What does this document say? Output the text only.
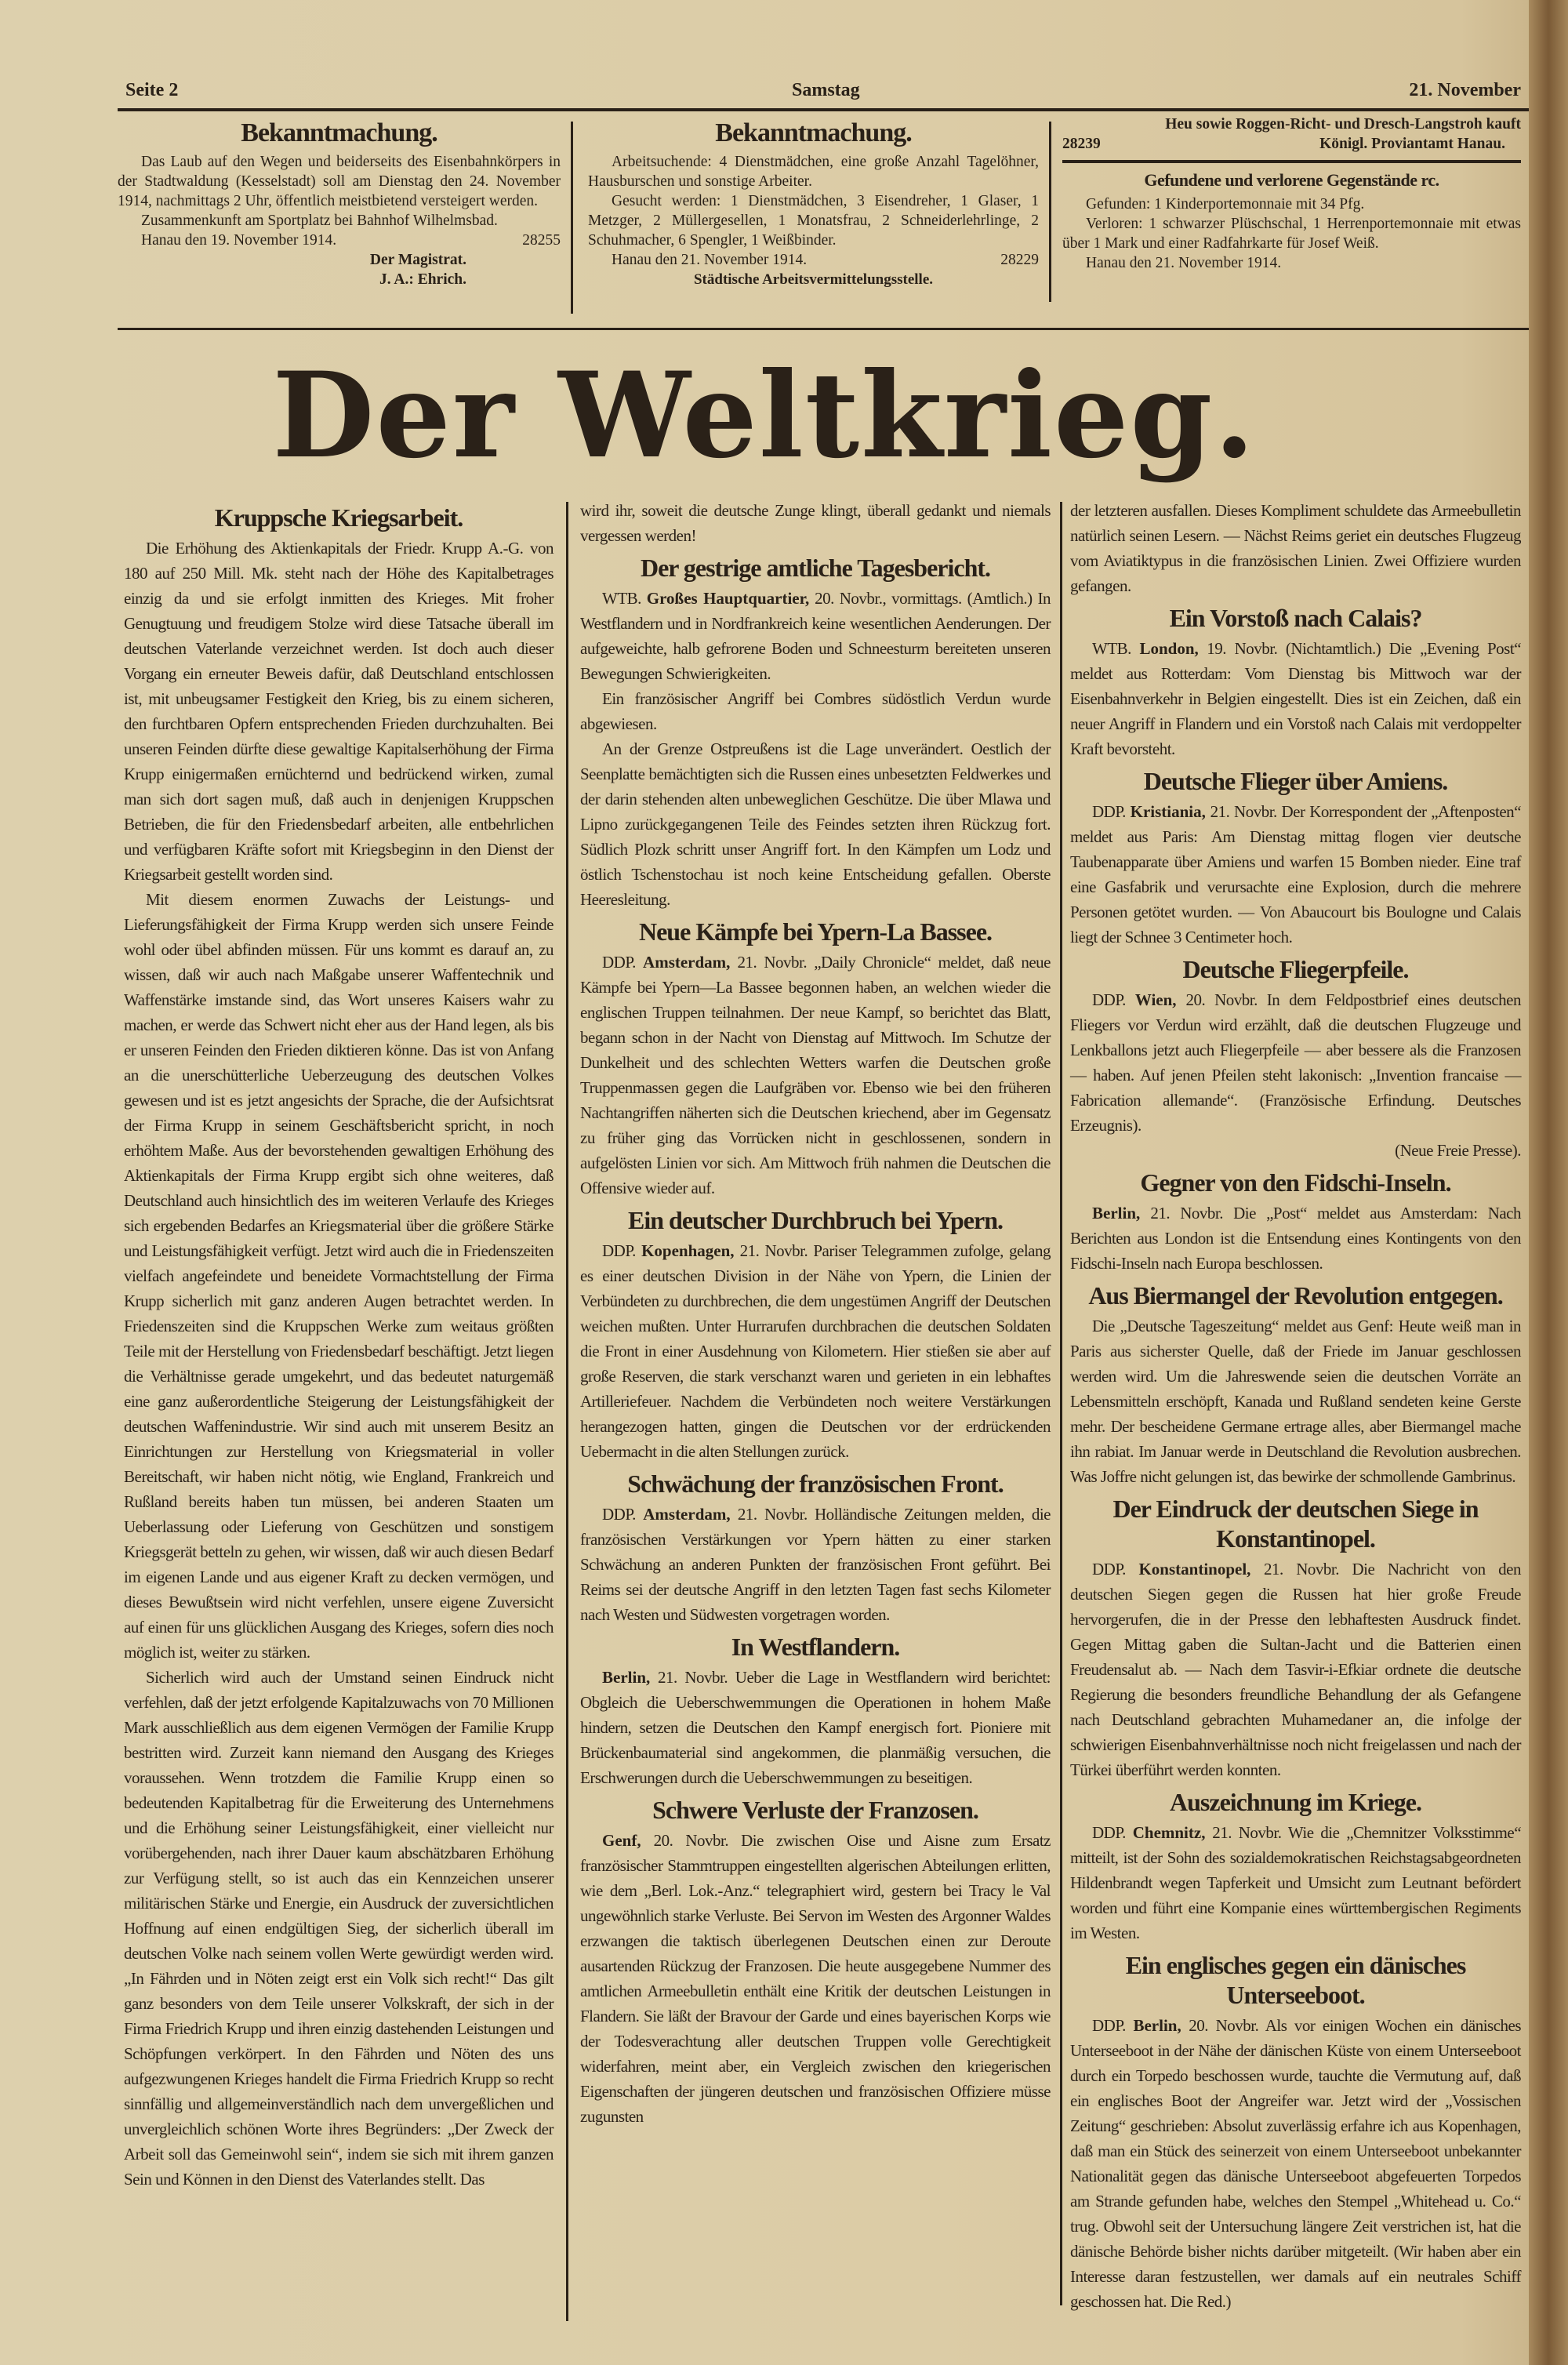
Seite 2	Samstag	21. November
Bekanntmachung.

Das Laub auf den Wegen und beiderseits des Eisenbahnkörpers in der Stadtwaldung (Kesselstadt) soll am Dienstag den 24. November 1914, nachmittags 2 Uhr, öffentlich meistbietend versteigert werden.

Zusammenkunft am Sportplatz bei Bahnhof Wilhelmsbad.

Hanau den 19. November 1914.	28255
Der Magistrat.
J. A.: Ehrich.
Bekanntmachung.

Arbeitsuchende: 4 Dienstmädchen, eine große Anzahl Tagelöhner, Hausburschen und sonstige Arbeiter.

Gesucht werden: 1 Dienstmädchen, 3 Eisendreher, 1 Glaser, 1 Metzger, 2 Müllergesellen, 1 Monatsfrau, 2 Schneiderlehrlinge, 2 Schuhmacher, 6 Spengler, 1 Weißbinder.

Hanau den 21. November 1914.	28229
Städtische Arbeitsvermittelungsstelle.
Heu sowie Roggen-Richt- und Dresch-Langstroh kauft
28239	Königl. Proviantamt Hanau.
Gefundene und verlorene Gegenstände rc.

Gefunden: 1 Kinderportemonnaie mit 34 Pfg.

Verloren: 1 schwarzer Plüschschal, 1 Herrenportemonnaie mit etwas über 1 Mark und einer Radfahrkarte für Josef Weiß.

Hanau den 21. November 1914.

Der Weltkrieg.
Kruppsche Kriegsarbeit.

Die Erhöhung des Aktienkapitals der Friedr. Krupp A.-G. von 180 auf 250 Mill. Mk. steht nach der Höhe des Kapitalbetrages einzig da und sie erfolgt inmitten des Krieges. Mit froher Genugtuung und freudigem Stolze wird diese Tatsache überall im deutschen Vaterlande verzeichnet werden. Ist doch auch dieser Vorgang ein erneuter Beweis dafür, daß Deutschland entschlossen ist, mit unbeugsamer Festigkeit den Krieg, bis zu einem sicheren, den furchtbaren Opfern entsprechenden Frieden durchzuhalten. Bei unseren Feinden dürfte diese gewaltige Kapitalserhöhung der Firma Krupp einigermaßen ernüchternd und bedrückend wirken, zumal man sich dort sagen muß, daß auch in denjenigen Kruppschen Betrieben, die für den Friedensbedarf arbeiten, alle entbehrlichen und verfügbaren Kräfte sofort mit Kriegsbeginn in den Dienst der Kriegsarbeit gestellt worden sind.

Mit diesem enormen Zuwachs der Leistungs- und Lieferungsfähigkeit der Firma Krupp werden sich unsere Feinde wohl oder übel abfinden müssen. Für uns kommt es darauf an, zu wissen, daß wir auch nach Maßgabe unserer Waffentechnik und Waffenstärke imstande sind, das Wort unseres Kaisers wahr zu machen, er werde das Schwert nicht eher aus der Hand legen, als bis er unseren Feinden den Frieden diktieren könne. Das ist von Anfang an die unerschütterliche Ueberzeugung des deutschen Volkes gewesen und ist es jetzt angesichts der Sprache, die der Aufsichtsrat der Firma Krupp in seinem Geschäftsbericht spricht, in noch erhöhtem Maße. Aus der bevorstehenden gewaltigen Erhöhung des Aktienkapitals der Firma Krupp ergibt sich ohne weiteres, daß Deutschland auch hinsichtlich des im weiteren Verlaufe des Krieges sich ergebenden Bedarfes an Kriegsmaterial über die größere Stärke und Leistungsfähigkeit verfügt. Jetzt wird auch die in Friedenszeiten vielfach angefeindete und beneidete Vormachtstellung der Firma Krupp sicherlich mit ganz anderen Augen betrachtet werden. In Friedenszeiten sind die Kruppschen Werke zum weitaus größten Teile mit der Herstellung von Friedensbedarf beschäftigt. Jetzt liegen die Verhältnisse gerade umgekehrt, und das bedeutet naturgemäß eine ganz außerordentliche Steigerung der Leistungsfähigkeit der deutschen Waffenindustrie. Wir sind auch mit unserem Besitz an Einrichtungen zur Herstellung von Kriegsmaterial in voller Bereitschaft, wir haben nicht nötig, wie England, Frankreich und Rußland bereits haben tun müssen, bei anderen Staaten um Ueberlassung oder Lieferung von Geschützen und sonstigem Kriegsgerät betteln zu gehen, wir wissen, daß wir auch diesen Bedarf im eigenen Lande und aus eigener Kraft zu decken vermögen, und dieses Bewußtsein wird nicht verfehlen, unsere eigene Zuversicht auf einen für uns glücklichen Ausgang des Krieges, sofern dies noch möglich ist, weiter zu stärken.

Sicherlich wird auch der Umstand seinen Eindruck nicht verfehlen, daß der jetzt erfolgende Kapitalzuwachs von 70 Millionen Mark ausschließlich aus dem eigenen Vermögen der Familie Krupp bestritten wird. Zurzeit kann niemand den Ausgang des Krieges voraussehen. Wenn trotzdem die Familie Krupp einen so bedeutenden Kapitalbetrag für die Erweiterung des Unternehmens und die Erhöhung seiner Leistungsfähigkeit, einer vielleicht nur vorübergehenden, nach ihrer Dauer kaum abschätzbaren Erhöhung zur Verfügung stellt, so ist auch das ein Kennzeichen unserer militärischen Stärke und Energie, ein Ausdruck der zuversichtlichen Hoffnung auf einen endgültigen Sieg, der sicherlich überall im deutschen Volke nach seinem vollen Werte gewürdigt werden wird. „In Fährden und in Nöten zeigt erst ein Volk sich recht!“ Das gilt ganz besonders von dem Teile unserer Volkskraft, der sich in der Firma Friedrich Krupp und ihren einzig dastehenden Leistungen und Schöpfungen verkörpert. In den Fährden und Nöten des uns aufgezwungenen Krieges handelt die Firma Friedrich Krupp so recht sinnfällig und allgemeinverständlich nach dem unvergeßlichen und unvergleichlich schönen Worte ihres Begründers: „Der Zweck der Arbeit soll das Gemeinwohl sein“, indem sie sich mit ihrem ganzen Sein und Können in den Dienst des Vaterlandes stellt. Das

wird ihr, soweit die deutsche Zunge klingt, überall gedankt und niemals vergessen werden!

Der gestrige amtliche Tagesbericht.

WTB. Großes Hauptquartier, 20. Novbr., vormittags. (Amtlich.) In Westflandern und in Nordfrankreich keine wesentlichen Aenderungen. Der aufgeweichte, halb gefrorene Boden und Schneesturm bereiteten unseren Bewegungen Schwierigkeiten.

Ein französischer Angriff bei Combres südöstlich Verdun wurde abgewiesen.

An der Grenze Ostpreußens ist die Lage unverändert. Oestlich der Seenplatte bemächtigten sich die Russen eines unbesetzten Feldwerkes und der darin stehenden alten unbeweglichen Geschütze. Die über Mlawa und Lipno zurückgegangenen Teile des Feindes setzten ihren Rückzug fort. Südlich Plozk schritt unser Angriff fort. In den Kämpfen um Lodz und östlich Tschenstochau ist noch keine Entscheidung gefallen. Oberste Heeresleitung.

Neue Kämpfe bei Ypern-La Bassee.

DDP. Amsterdam, 21. Novbr. „Daily Chronicle“ meldet, daß neue Kämpfe bei Ypern—La Bassee begonnen haben, an welchen wieder die englischen Truppen teilnahmen. Der neue Kampf, so berichtet das Blatt, begann schon in der Nacht von Dienstag auf Mittwoch. Im Schutze der Dunkelheit und des schlechten Wetters warfen die Deutschen große Truppenmassen gegen die Laufgräben vor. Ebenso wie bei den früheren Nachtangriffen näherten sich die Deutschen kriechend, aber im Gegensatz zu früher ging das Vorrücken nicht in geschlossenen, sondern in aufgelösten Linien vor sich. Am Mittwoch früh nahmen die Deutschen die Offensive wieder auf.

Ein deutscher Durchbruch bei Ypern.

DDP. Kopenhagen, 21. Novbr. Pariser Telegrammen zufolge, gelang es einer deutschen Division in der Nähe von Ypern, die Linien der Verbündeten zu durchbrechen, die dem ungestümen Angriff der Deutschen weichen mußten. Unter Hurrarufen durchbrachen die deutschen Soldaten die Front in einer Ausdehnung von Kilometern. Hier stießen sie aber auf große Reserven, die stark verschanzt waren und gerieten in ein lebhaftes Artilleriefeuer. Nachdem die Verbündeten noch weitere Verstärkungen herangezogen hatten, gingen die Deutschen vor der erdrückenden Uebermacht in die alten Stellungen zurück.

Schwächung der französischen Front.

DDP. Amsterdam, 21. Novbr. Holländische Zeitungen melden, die französischen Verstärkungen vor Ypern hätten zu einer starken Schwächung an anderen Punkten der französischen Front geführt. Bei Reims sei der deutsche Angriff in den letzten Tagen fast sechs Kilometer nach Westen und Südwesten vorgetragen worden.

In Westflandern.

Berlin, 21. Novbr. Ueber die Lage in Westflandern wird berichtet: Obgleich die Ueberschwemmungen die Operationen in hohem Maße hindern, setzen die Deutschen den Kampf energisch fort. Pioniere mit Brückenbaumaterial sind angekommen, die planmäßig versuchen, die Erschwerungen durch die Ueberschwemmungen zu beseitigen.

Schwere Verluste der Franzosen.

Genf, 20. Novbr. Die zwischen Oise und Aisne zum Ersatz französischer Stammtruppen eingestellten algerischen Abteilungen erlitten, wie dem „Berl. Lok.-Anz.“ telegraphiert wird, gestern bei Tracy le Val ungewöhnlich starke Verluste. Bei Servon im Westen des Argonner Waldes erzwangen die taktisch überlegenen Deutschen einen zur Deroute ausartenden Rückzug der Franzosen. Die heute ausgegebene Nummer des amtlichen Armeebulletin enthält eine Kritik der deutschen Leistungen in Flandern. Sie läßt der Bravour der Garde und eines bayerischen Korps wie der Todesverachtung aller deutschen Truppen volle Gerechtigkeit widerfahren, meint aber, ein Vergleich zwischen den kriegerischen Eigenschaften der jüngeren deutschen und französischen Offiziere müsse zugunsten

der letzteren ausfallen. Dieses Kompliment schuldete das Armeebulletin natürlich seinen Lesern. — Nächst Reims geriet ein deutsches Flugzeug vom Aviatiktypus in die französischen Linien. Zwei Offiziere wurden gefangen.

Ein Vorstoß nach Calais?

WTB. London, 19. Novbr. (Nichtamtlich.) Die „Evening Post“ meldet aus Rotterdam: Vom Dienstag bis Mittwoch war der Eisenbahnverkehr in Belgien eingestellt. Dies ist ein Zeichen, daß ein neuer Angriff in Flandern und ein Vorstoß nach Calais mit verdoppelter Kraft bevorsteht.

Deutsche Flieger über Amiens.

DDP. Kristiania, 21. Novbr. Der Korrespondent der „Aftenposten“ meldet aus Paris: Am Dienstag mittag flogen vier deutsche Taubenapparate über Amiens und warfen 15 Bomben nieder. Eine traf eine Gasfabrik und verursachte eine Explosion, durch die mehrere Personen getötet wurden. — Von Abaucourt bis Boulogne und Calais liegt der Schnee 3 Centimeter hoch.

Deutsche Fliegerpfeile.

DDP. Wien, 20. Novbr. In dem Feldpostbrief eines deutschen Fliegers vor Verdun wird erzählt, daß die deutschen Flugzeuge und Lenkballons jetzt auch Fliegerpfeile — aber bessere als die Franzosen — haben. Auf jenen Pfeilen steht lakonisch: „Invention francaise — Fabrication allemande“. (Französische Erfindung. Deutsches Erzeugnis).

(Neue Freie Presse).

Gegner von den Fidschi-Inseln.

Berlin, 21. Novbr. Die „Post“ meldet aus Amsterdam: Nach Berichten aus London ist die Entsendung eines Kontingents von den Fidschi-Inseln nach Europa beschlossen.

Aus Biermangel der Revolution entgegen.

Die „Deutsche Tageszeitung“ meldet aus Genf: Heute weiß man in Paris aus sicherster Quelle, daß der Friede im Januar geschlossen werden wird. Um die Jahreswende seien die deutschen Vorräte an Lebensmitteln erschöpft, Kanada und Rußland sendeten keine Gerste mehr. Der bescheidene Germane ertrage alles, aber Biermangel mache ihn rabiat. Im Januar werde in Deutschland die Revolution ausbrechen. Was Joffre nicht gelungen ist, das bewirke der schmollende Gambrinus.

Der Eindruck der deutschen Siege in Konstantinopel.

DDP. Konstantinopel, 21. Novbr. Die Nachricht von den deutschen Siegen gegen die Russen hat hier große Freude hervorgerufen, die in der Presse den lebhaftesten Ausdruck findet. Gegen Mittag gaben die Sultan-Jacht und die Batterien einen Freudensalut ab. — Nach dem Tasvir-i-Efkiar ordnete die deutsche Regierung die besonders freundliche Behandlung der als Gefangene nach Deutschland gebrachten Muhamedaner an, die infolge der schwierigen Eisenbahnverhältnisse noch nicht freigelassen und nach der Türkei überführt werden konnten.

Auszeichnung im Kriege.

DDP. Chemnitz, 21. Novbr. Wie die „Chemnitzer Volksstimme“ mitteilt, ist der Sohn des sozialdemokratischen Reichstagsabgeordneten Hildenbrandt wegen Tapferkeit und Umsicht zum Leutnant befördert worden und führt eine Kompanie eines württembergischen Regiments im Westen.

Ein englisches gegen ein dänisches Unterseeboot.

DDP. Berlin, 20. Novbr. Als vor einigen Wochen ein dänisches Unterseeboot in der Nähe der dänischen Küste von einem Unterseeboot durch ein Torpedo beschossen wurde, tauchte die Vermutung auf, daß ein englisches Boot der Angreifer war. Jetzt wird der „Vossischen Zeitung“ geschrieben: Absolut zuverlässig erfahre ich aus Kopenhagen, daß man ein Stück des seinerzeit von einem Unterseeboot unbekannter Nationalität gegen das dänische Unterseeboot abgefeuerten Torpedos am Strande gefunden habe, welches den Stempel „Whitehead u. Co.“ trug. Obwohl seit der Untersuchung längere Zeit verstrichen ist, hat die dänische Behörde bisher nichts darüber mitgeteilt. (Wir haben aber ein Interesse daran festzustellen, wer damals auf ein neutrales Schiff geschossen hat. Die Red.)
